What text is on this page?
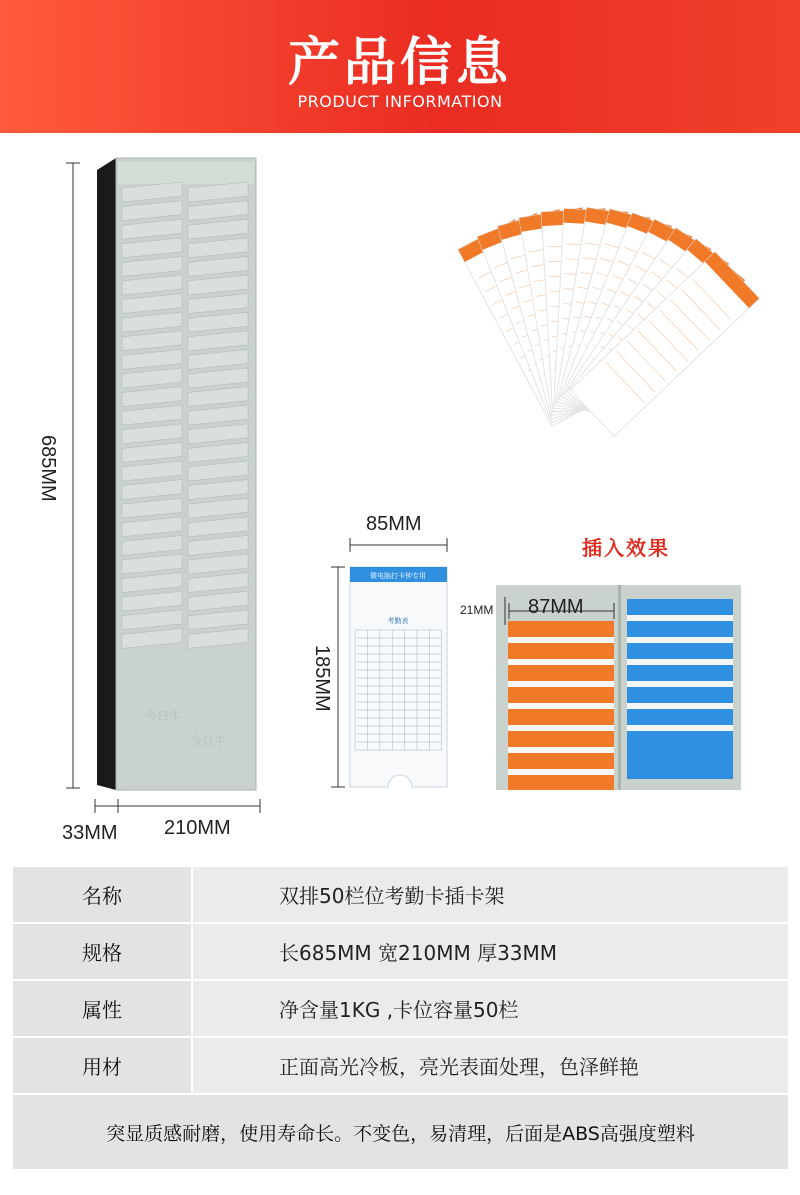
产品信息
PRODUCT INFORMATION
今日牛
今日牛
685MM
33MM 210MM
微电脑打卡钟专用
考勤表
85MM
185MM
插入效果
21MM 87MM
名称	双排50栏位考勤卡插卡架
规格	长685MM 宽210MM 厚33MM
属性	净含量1KG ,卡位容量50栏
用材	正面高光冷板，亮光表面处理，色泽鲜艳
突显质感耐磨，使用寿命长。不变色，易清理，后面是ABS高强度塑料
